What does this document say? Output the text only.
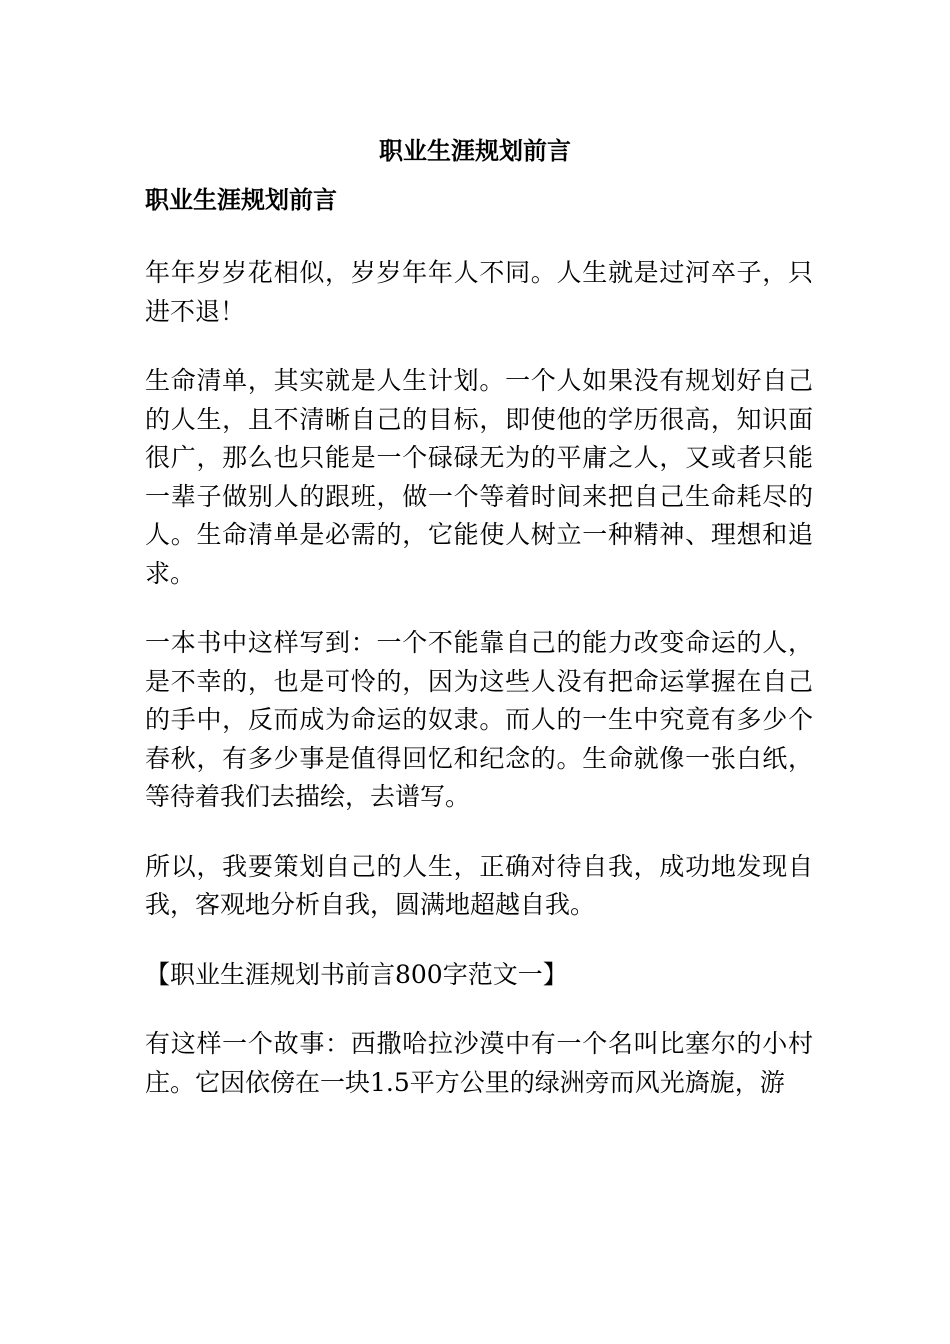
职业生涯规划前言
职业生涯规划前言

年年岁岁花相似，岁岁年年人不同。人生就是过河卒子，只进不退！

生命清单，其实就是人生计划。一个人如果没有规划好自己的人生，且不清晰自己的目标，即使他的学历很高，知识面很广，那么也只能是一个碌碌无为的平庸之人，又或者只能一辈子做别人的跟班，做一个等着时间来把自己生命耗尽的人。生命清单是必需的，它能使人树立一种精神、理想和追求。

一本书中这样写到：一个不能靠自己的能力改变命运的人，是不幸的，也是可怜的，因为这些人没有把命运掌握在自己的手中，反而成为命运的奴隶。而人的一生中究竟有多少个春秋，有多少事是值得回忆和纪念的。生命就像一张白纸，等待着我们去描绘，去谱写。

所以，我要策划自己的人生，正确对待自我，成功地发现自我，客观地分析自我，圆满地超越自我。

【职业生涯规划书前言800字范文一】

有这样一个故事：西撒哈拉沙漠中有一个名叫比塞尔的小村庄。它因依傍在一块1.5平方公里的绿洲旁而风光旖旎，游
